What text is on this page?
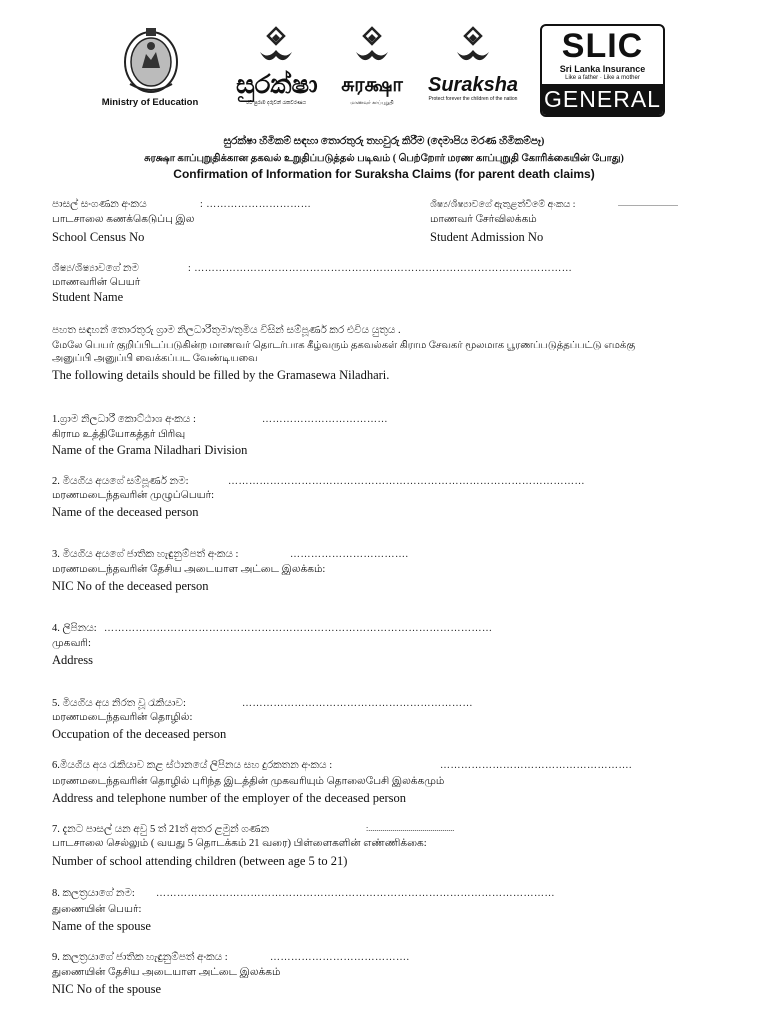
Ministry of Education
සුරක්ෂා
රට පුරාම දරුවන් රැකවරණය
சுரக்ஷா
மாணவர் காப்புறுதி
Suraksha
Protect forever the children of the nation
SLIC
Sri Lanka Insurance
Like a father · Like a mother
GENERAL
සුරක්ෂා හිමිකම් සඳහා තොරතුරු තහවුරු කිරීම (දෙමාපිය මරණ හිමිකම්පෑ)
சுரக்ஷா காப்புறுதிக்கான தகவல் உறுதிப்படுத்தல் படிவம் ( பெற்றோர் மரண காப்புறுதி கோரிக்கையின் போது)
Confirmation of Information for Suraksha Claims (for parent death claims)
පාසල් සංගණන අංකය	: …………………………
பாடசாலை கணக்கெடுப்பு இல
School Census No
ශිෂ්‍ය/ශිෂ්‍යාවගේ ඇතුළත්වීමේ අංකය :	..............................
மாணவர் சேர்விலக்கம்
Student Admission No
ශිෂ්‍ය/ශිෂ්‍යාවගේ නම	: ………………………………………………………………………………………………
மாணவரின் பெயர்
Student Name
පහත සඳහන් තොරතුරු ග්‍රාම නිලධාරීතුමා/තුමිය විසින් සම්පූර්ණ කර එවිය යුතුය .
மேலே பெயர் குறிப்பிடப்படுகின்ற மாணவர் தொடர்பாக கீழ்வரும் தகவல்கள் கிராம சேவகர் மூலமாக பூரணப்படுத்தப்பட்டு எமக்கு
அனுப்பி அனுப்பி வைக்கப்பட வேண்டியவை
The following details should be filled by the Gramasewa Niladhari.
1.ග්‍රාම නිලධාරී කොට්ඨාශ අංකය :	………………………………
கிராம உத்தியோகத்தர் பிரிவு
Name of the Grama Niladhari Division
2. මියගිය අයගේ සම්පූර්ණ නම:	…………………………………………………………………………………………
மரணமடைந்தவரின் முழுப்பெயர்:
Name of the deceased person
3. මියගිය අයගේ ජාතික හැඳුනුම්පත් අංකය :	…………………………….
மரணமடைந்தவரின் தேசிய அடையாள அட்டை இலக்கம்:
NIC No of the deceased person
4. ලිපිනය: …………………………………………………………………………………………………
முகவரி:
Address
5. මියගිය අය නිරත වූ රැකියාව:	…………………………………………………………
மரணமடைந்தவரின் தொழில்:
Occupation of the deceased person
6.මියගිය අය රැකියාව කළ ස්ථානයේ ලිපිනය සහ දුරකතන අංකය :	……………………………………………….
மரணமடைந்தவரின் தொழில் புரிந்த இடத்தின் முகவரியும் தொலைபேசி இலக்கமும்
Address and telephone number of the employer of the deceased person
7. දැනට පාසල් යන අවු 5 ත් 21ත් අතර ළමුන් ගණන	:...........................................
பாடசாலை செல்லும் ( வயது 5 தொடக்கம் 21 வரை) பிள்ளைகளின் எண்ணிக்கை:
Number of school attending children (between age 5 to 21)
8. කලත්‍රයාගේ නම: ……………………………………………………………………………………………………
துணையின் பெயர்:
Name of the spouse
9. කලත්‍රයාගේ ජාතික හැඳුනුම්පත් අංකය :	………………………………….
துணையின் தேசிய அடையாள அட்டை இலக்கம்
NIC No of the spouse
